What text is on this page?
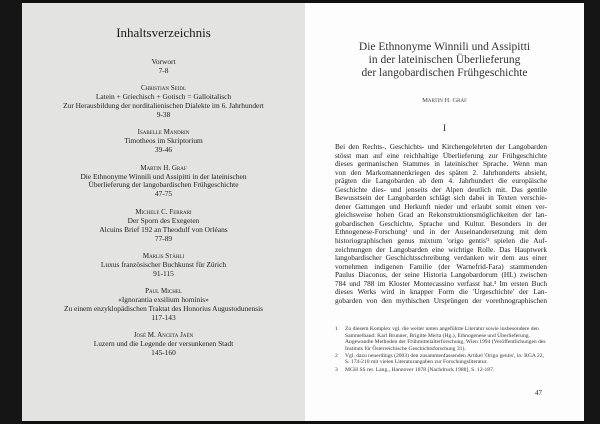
Inhaltsverzeichnis
Vorwort
7-8
Christian Seidl
Latein + Griechisch + Gotisch = Galloitalisch
Zur Herausbildung der norditalienischen Dialekte im 6. Jahrhundert
9-38
Isabelle Mandrin
Timotheos im Skriptorium
39-46
Martin H. Graf
Die Ethnonyme Winnili und Assipitti in der lateinischen
Überlieferung der langobardischen Frühgeschichte
47-75
Michele C. Ferrari
Der Sporn des Exegeten
Alcuins Brief 192 an Theodulf von Orléans
77-89
Marlis Stähli
Luxus französischer Buchkunst für Zürich
91-115
Paul Michel
«Ignorantia exsilium hominis»
Zu einem enzyklopädischen Traktat des Honorius Augustodunensis
117-143
José M. Anceta Jaén
Luzern und die Legende der versunkenen Stadt
145-160
Die Ethnonyme Winnili und Assipitti
in der lateinischen Überlieferung
der langobardischen Frühgeschichte
Martin H. Graf
I
Bei den Rechts-, Geschichts- und Kirchengelehrten der Langobarden
stösst man auf eine reichhaltige Überlieferung zur Frühgeschichte
dieses germanischen Stammes in lateinischer Sprache. Wenn man
von den Markomannenkriegen des späten 2. Jahrhunderts absieht,
prägten die Langobarden ab dem 4. Jahrhundert die europäische
Geschichte dies- und jenseits der Alpen deutlich mit. Das gentile
Bewusstsein der Langobarden schlägt sich dabei in Texten verschie-
dener Gattungen und Herkunft nieder und erlaubt somit einen ver-
gleichsweise hohen Grad an Rekonstruktionsmöglichkeiten der lan-
gobardischen Geschichte, Sprache und Kultur. Besonders in der
Ethnogenese-Forschung¹ und in der Auseinandersetzung mit dem
historiographischen genus mixtum 'origo gentis'² spielen die Auf-
zeichnungen der Langobarden eine wichtige Rolle. Das Hauptwerk
langobardischer Geschichtsschreibung verdanken wir dem aus einer
vornehmen indigenen Familie (der Warnefrid-Fara) stammenden
Paulus Diaconus, der seine Historia Langobardorum (HL) zwischen
784 und 788 im Kloster Montecassino verfasst hat.³ Im ersten Buch
dieses Werks wird in knapper Form die 'Urgeschichte' der Lan-
gobarden von den mythischen Ursprüngen der vorethnographischen
1 Zu diesem Komplex vgl. die weiter unten angeführte Literatur sowie insbesondere den Sammelband: Karl Brunner, Brigitte Merta (Hg.), Ethnogenese und Überlieferung. Angewandte Methoden der Frühmittelalterforschung, Wien 1994 (Veröffentlichungen des Instituts für Österreichische Geschichtsforschung 31).
2 Vgl. dazu neuerdings (2003) den zusammenfassenden Artikel 'Origo gentis', in: RGA 22, S. 174-210 mit vielen Literaturangaben zur Forschungsliteratur.
3 MGH SS rer. Lang., Hannover 1878 [Nachdruck 1988], S. 12-187.
47
